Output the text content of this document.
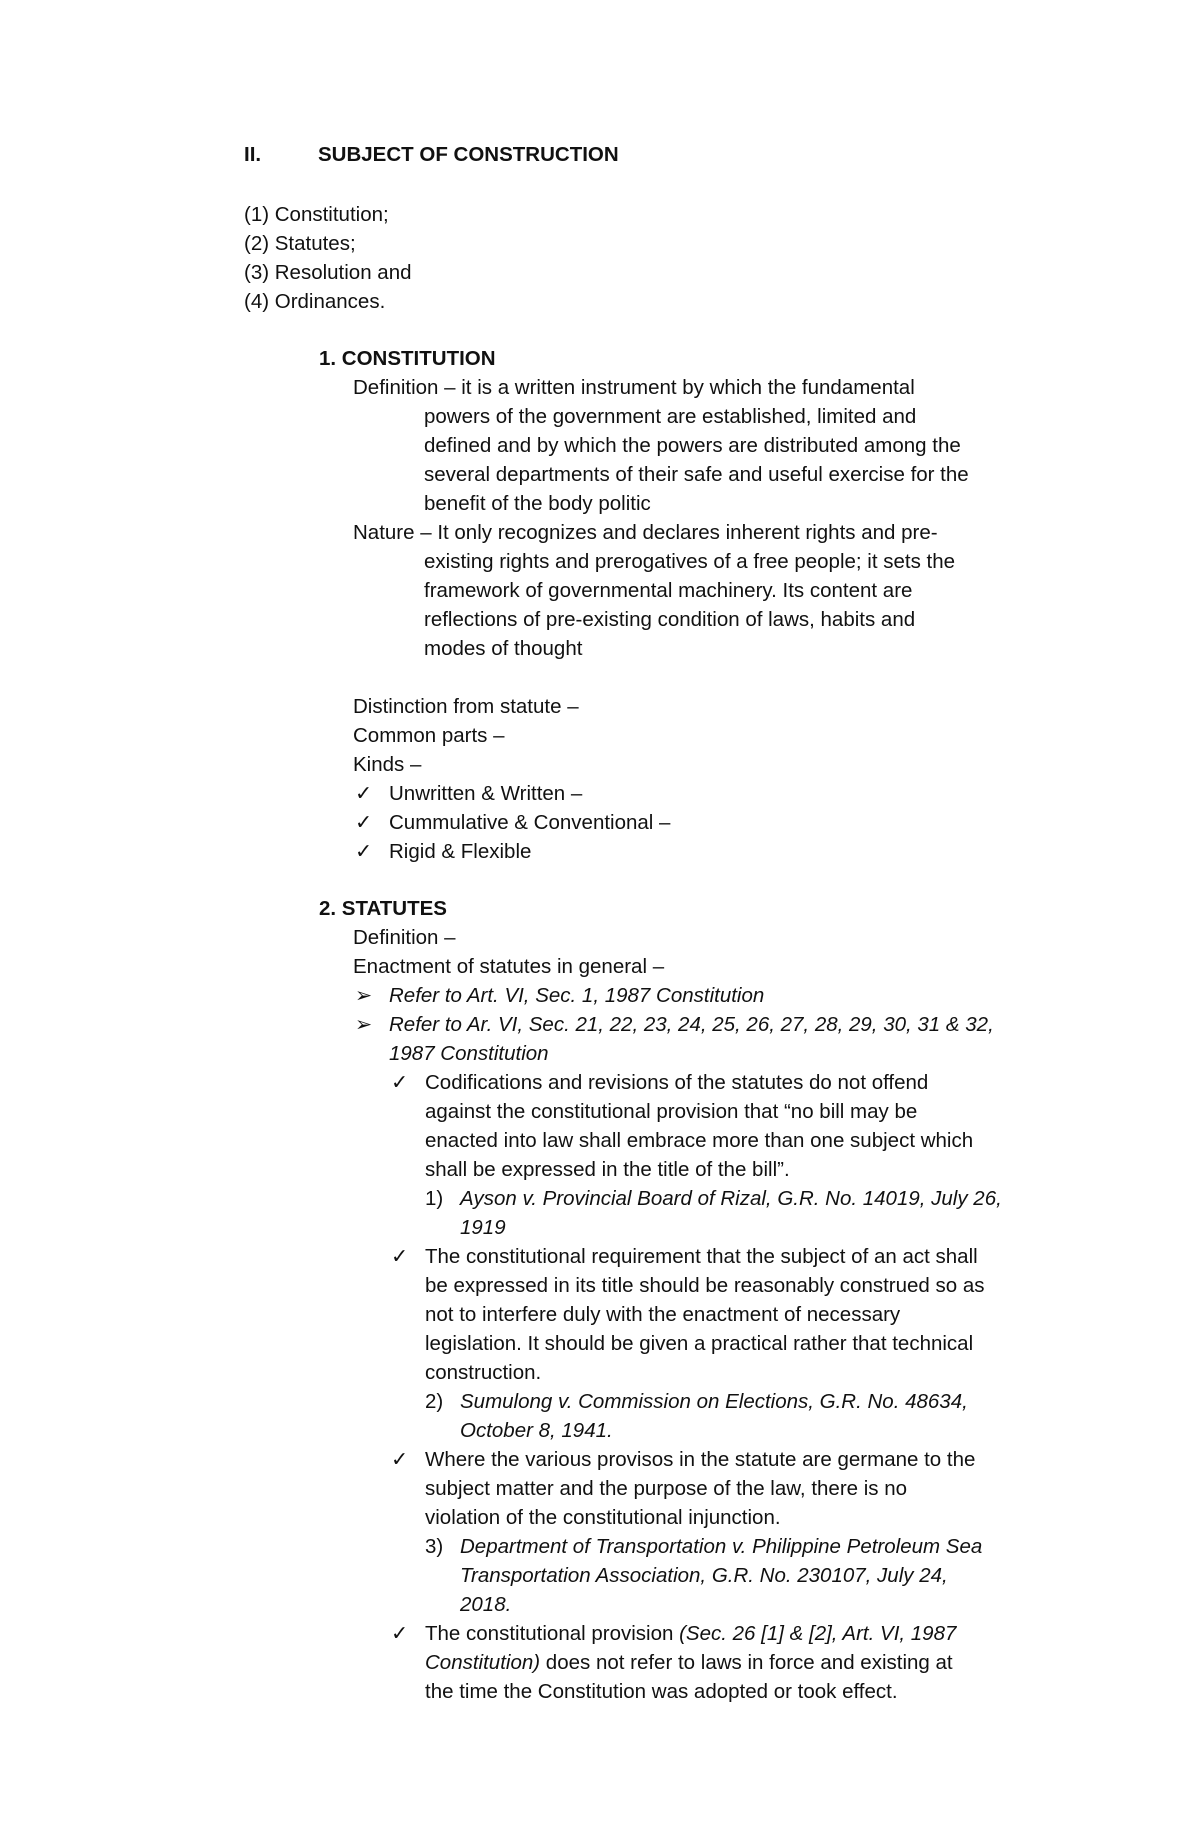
II.	SUBJECT OF CONSTRUCTION
(1) Constitution;
(2) Statutes;
(3) Resolution and
(4) Ordinances.
1. CONSTITUTION
Definition – it is a written instrument by which the fundamental
powers of the government are established, limited and
defined and by which the powers are distributed among the
several departments of their safe and useful exercise for the
benefit of the body politic
Nature – It only recognizes and declares inherent rights and pre-
existing rights and prerogatives of a free people; it sets the
framework of governmental machinery. Its content are
reflections of pre-existing condition of laws, habits and
modes of thought
Distinction from statute –
Common parts –
Kinds –
✓ Unwritten & Written –
✓ Cummulative & Conventional –
✓ Rigid & Flexible
2. STATUTES
Definition –
Enactment of statutes in general –
➢ Refer to Art. VI, Sec. 1, 1987 Constitution
➢ Refer to Ar. VI, Sec. 21, 22, 23, 24, 25, 26, 27, 28, 29, 30, 31 & 32,
1987 Constitution
✓ Codifications and revisions of the statutes do not offend
against the constitutional provision that “no bill may be
enacted into law shall embrace more than one subject which
shall be expressed in the title of the bill”.
1) Ayson v. Provincial Board of Rizal, G.R. No. 14019, July 26,
1919
✓ The constitutional requirement that the subject of an act shall
be expressed in its title should be reasonably construed so as
not to interfere duly with the enactment of necessary
legislation. It should be given a practical rather that technical
construction.
2) Sumulong v. Commission on Elections, G.R. No. 48634,
October 8, 1941.
✓ Where the various provisos in the statute are germane to the
subject matter and the purpose of the law, there is no
violation of the constitutional injunction.
3) Department of Transportation v. Philippine Petroleum Sea
Transportation Association, G.R. No. 230107, July 24,
2018.
✓ The constitutional provision (Sec. 26 [1] & [2], Art. VI, 1987
Constitution) does not refer to laws in force and existing at
the time the Constitution was adopted or took effect.
